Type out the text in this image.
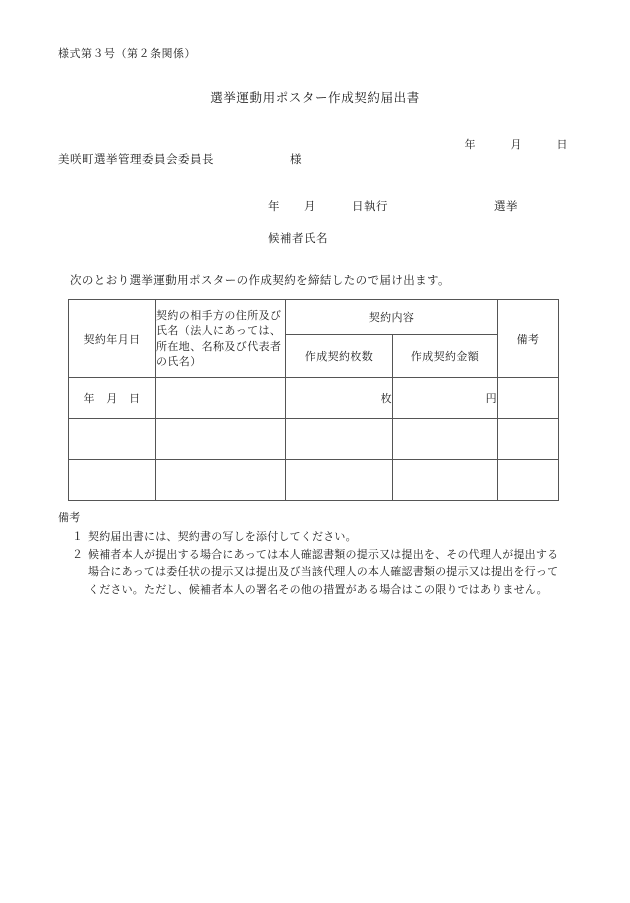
様式第３号（第２条関係）
選挙運動用ポスター作成契約届出書
年　　　月　　　日
美咲町選挙管理委員会委員長	様
年　　月　　　日執行	選挙
候補者氏名
次のとおり選挙運動用ポスターの作成契約を締結したので届け出ます。
契約年月日	契約の相手方の住所及び氏名（法人にあっては、所在地、名称及び代表者の氏名）	契約内容		備考
		作成契約枚数	作成契約金額	
年　月　日		枚	円	

備考
１ 契約届出書には、契約書の写しを添付してください。
２ 候補者本人が提出する場合にあっては本人確認書類の提示又は提出を、その代理人が提出する場合にあっては委任状の提示又は提出及び当該代理人の本人確認書類の提示又は提出を行ってください。ただし、候補者本人の署名その他の措置がある場合はこの限りではありません。
